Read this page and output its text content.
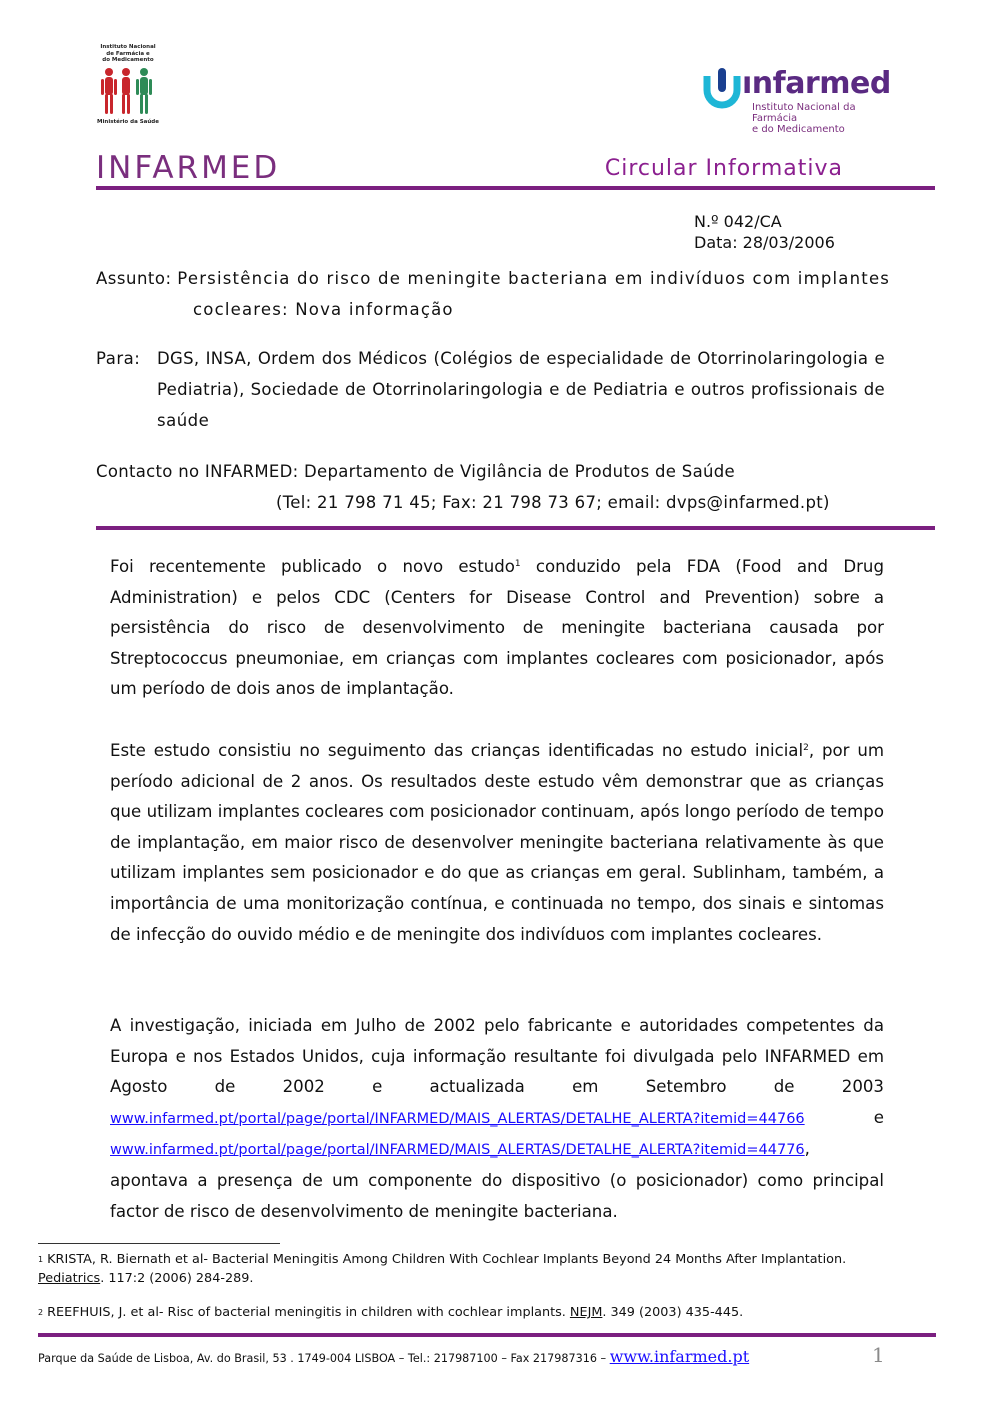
Instituto Nacional
de Farmácia e
do Medicamento
Ministério da Saúde
ınfarmed
Instituto Nacional da Farmácia
e do Medicamento
INFARMED	Circular Informativa
N.º 042/CA
Data: 28/03/2006
Assunto: Persistência do risco de meningite bacteriana em indivíduos com implantes
cocleares: Nova informação
Para: DGS, INSA, Ordem dos Médicos (Colégios de especialidade de Otorrinolaringologia e
Pediatria), Sociedade de Otorrinolaringologia e de Pediatria e outros profissionais de
saúde
Contacto no INFARMED: Departamento de Vigilância de Produtos de Saúde
(Tel: 21 798 71 45; Fax: 21 798 73 67; email: dvps@infarmed.pt)
Foi recentemente publicado o novo estudo$^1$ conduzido pela FDA (Food and Drug Administration) e pelos CDC (Centers for Disease Control and Prevention) sobre a persistência do risco de desenvolvimento de meningite bacteriana causada por Streptococcus pneumoniae, em crianças com implantes cocleares com posicionador, após um período de dois anos de implantação.
Este estudo consistiu no seguimento das crianças identificadas no estudo inicial$^2$, por um período adicional de 2 anos. Os resultados deste estudo vêm demonstrar que as crianças que utilizam implantes cocleares com posicionador continuam, após longo período de tempo de implantação, em maior risco de desenvolver meningite bacteriana relativamente às que utilizam implantes sem posicionador e do que as crianças em geral. Sublinham, também, a importância de uma monitorização contínua, e continuada no tempo, dos sinais e sintomas de infecção do ouvido médio e de meningite dos indivíduos com implantes cocleares.
A investigação, iniciada em Julho de 2002 pelo fabricante e autoridades competentes da Europa e nos Estados Unidos, cuja informação resultante foi divulgada pelo INFARMED em Agosto de 2002 e actualizada em Setembro de 2003 www.infarmed.pt/portal/page/portal/INFARMED/MAIS_ALERTAS/DETALHE_ALERTA?itemid=44766 e www.infarmed.pt/portal/page/portal/INFARMED/MAIS_ALERTAS/DETALHE_ALERTA?itemid=44776, apontava a presença de um componente do dispositivo (o posicionador) como principal factor de risco de desenvolvimento de meningite bacteriana.
$^1$ KRISTA, R. Biernath et al- Bacterial Meningitis Among Children With Cochlear Implants Beyond 24 Months After Implantation.
Pediatrics. 117:2 (2006) 284-289.
$^2$ REEFHUIS, J. et al- Risc of bacterial meningitis in children with cochlear implants. NEJM. 349 (2003) 435-445.
Parque da Saúde de Lisboa, Av. do Brasil, 53 . 1749-004 LISBOA – Tel.: 217987100 – Fax 217987316 – www.infarmed.pt	1
